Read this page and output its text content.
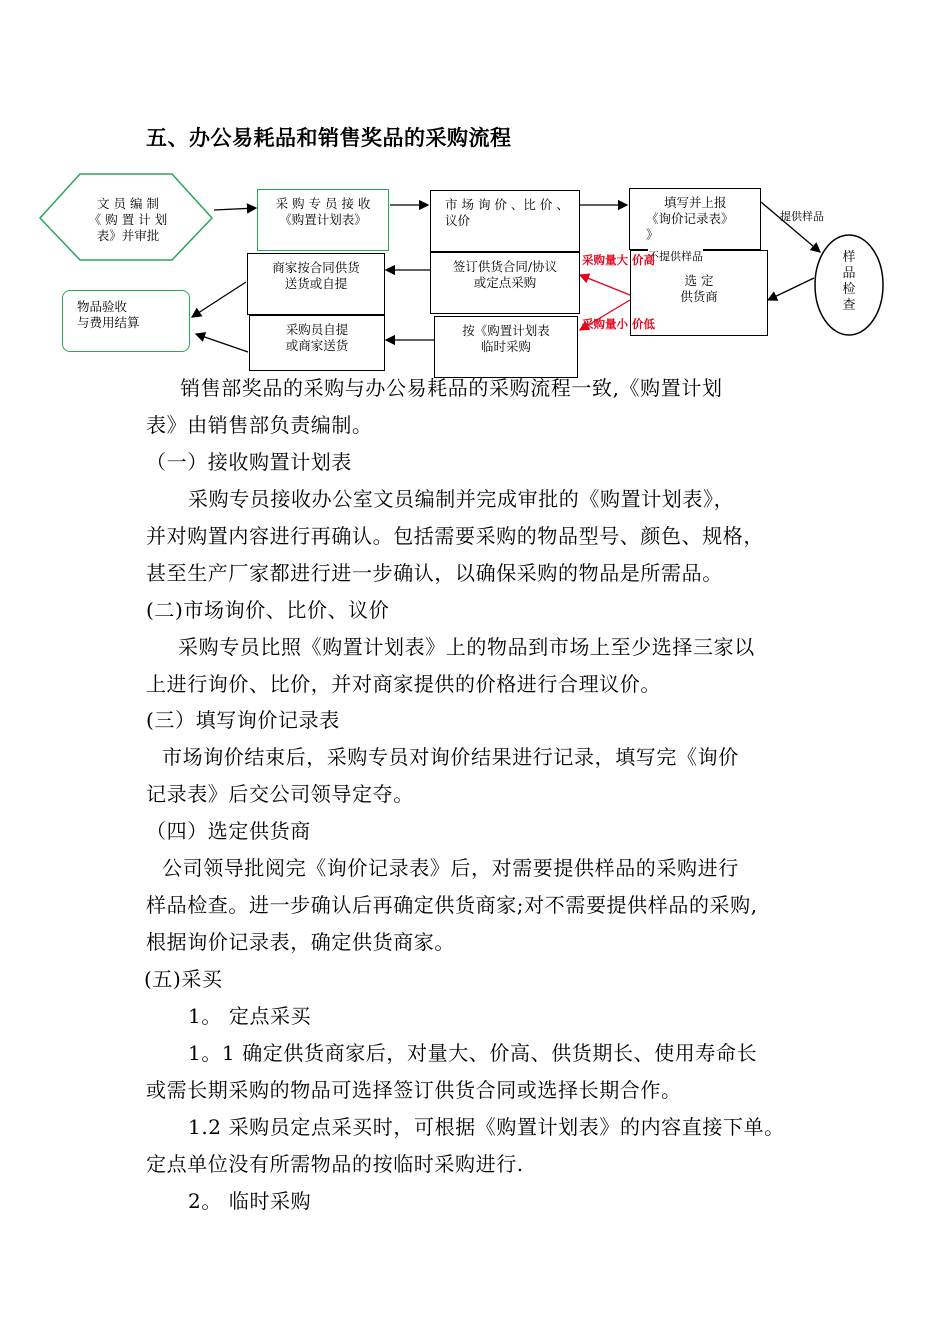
五、办公易耗品和销售奖品的采购流程
文 员 编 制
《 购 置 计 划
表》并审批
采 购 专 员 接 收
《购置计划表》
市 场 询 价 、比 价 、
议价
填写并上报
《询价记录表》
》
提供样品
选 定
供货商
不提供样品	样
品
检
查
签订供货合同/协议
或定点采购
按《购置计划表
临时采购
商家按合同供货
送货或自提
采购员自提
或商家送货
物品验收
与费用结算
采购量大 价高
采购量小 价低
销售部奖品的采购与办公易耗品的采购流程一致,《购置计划
表》由销售部负责编制。
（一）接收购置计划表
采购专员接收办公室文员编制并完成审批的《购置计划表》，
并对购置内容进行再确认。包括需要采购的物品型号、颜色、规格，
甚至生产厂家都进行进一步确认，以确保采购的物品是所需品。
(二)市场询价、比价、议价
采购专员比照《购置计划表》上的物品到市场上至少选择三家以
上进行询价、比价，并对商家提供的价格进行合理议价。
(三）填写询价记录表
市场询价结束后，采购专员对询价结果进行记录，填写完《询价
记录表》后交公司领导定夺。
（四）选定供货商
公司领导批阅完《询价记录表》后，对需要提供样品的采购进行
样品检查。进一步确认后再确定供货商家;对不需要提供样品的采购,
根据询价记录表，确定供货商家。
(五)采买
1。 定点采买
1。1 确定供货商家后，对量大、价高、供货期长、使用寿命长
或需长期采购的物品可选择签订供货合同或选择长期合作。
1.2 采购员定点采买时，可根据《购置计划表》的内容直接下单。
定点单位没有所需物品的按临时采购进行.
2。 临时采购
